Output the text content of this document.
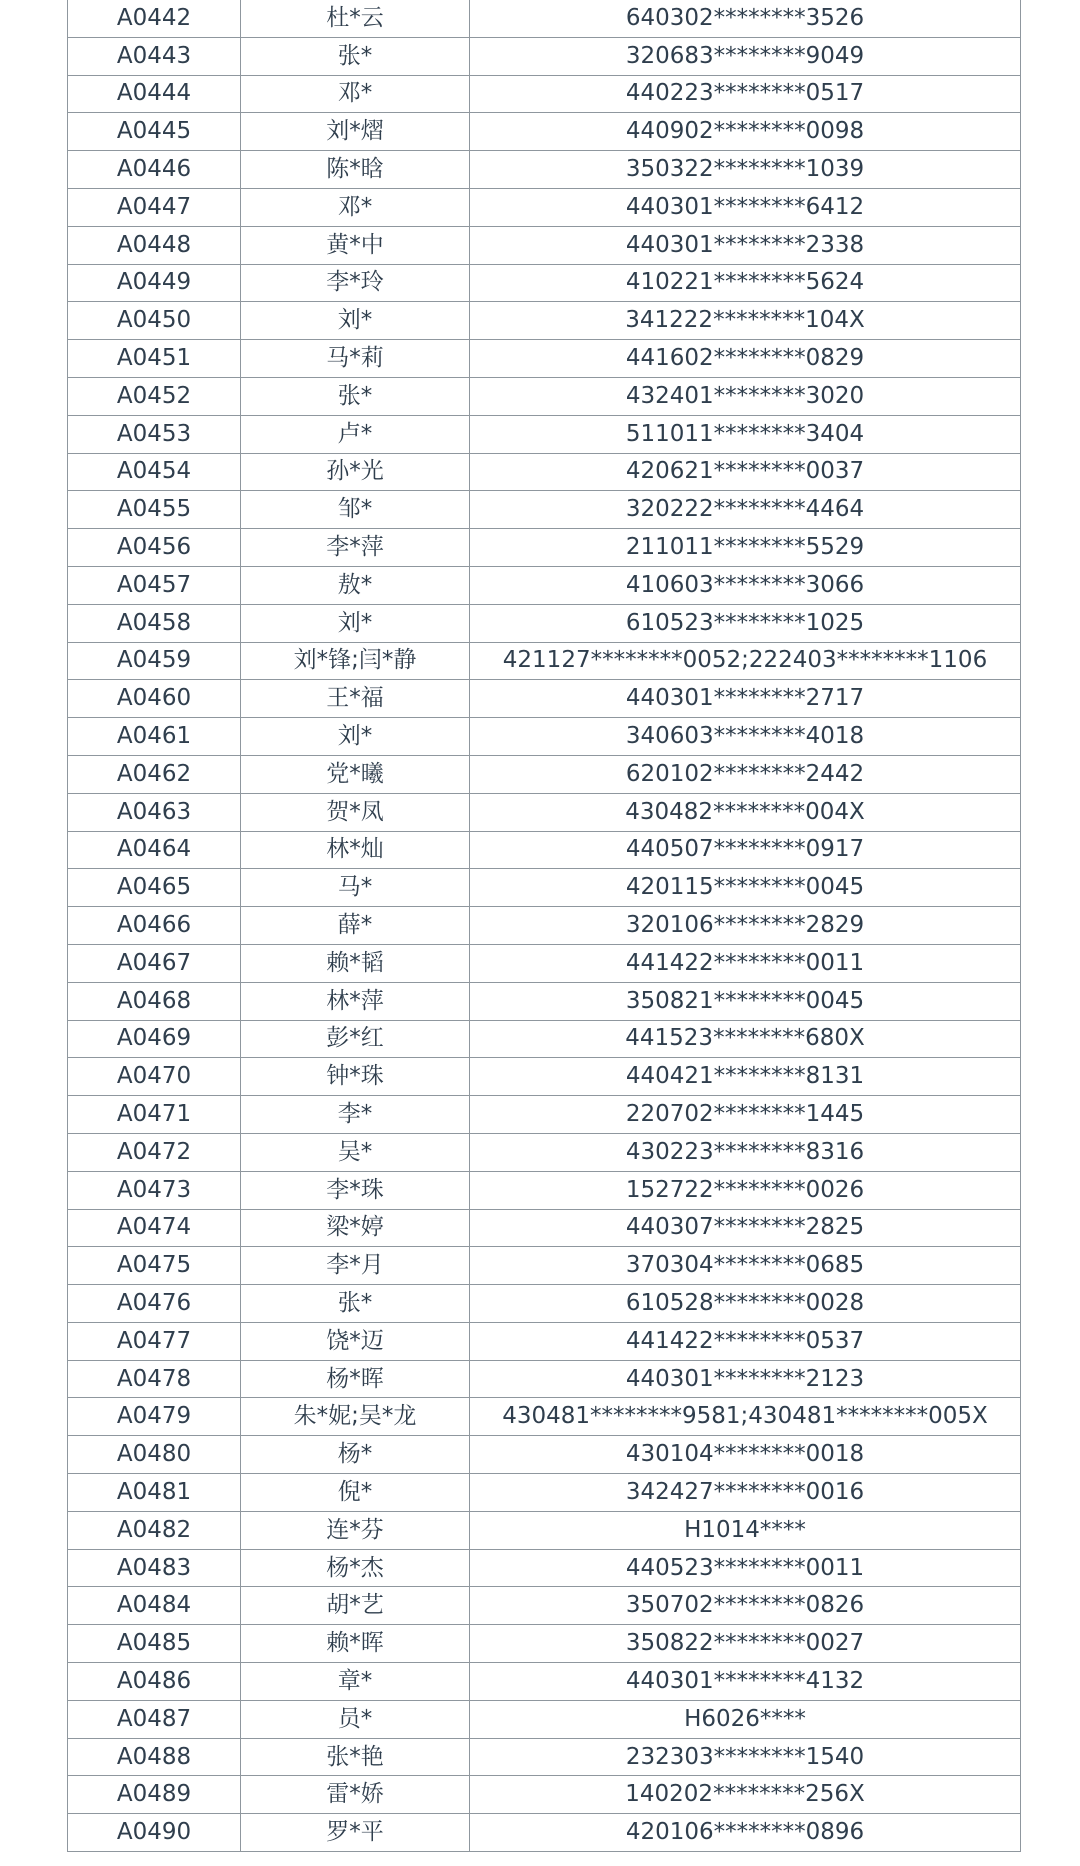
A0442	杜*云	640302********3526
A0443	张*	320683********9049
A0444	邓*	440223********0517
A0445	刘*熠	440902********0098
A0446	陈*晗	350322********1039
A0447	邓*	440301********6412
A0448	黄*中	440301********2338
A0449	李*玲	410221********5624
A0450	刘*	341222********104X
A0451	马*莉	441602********0829
A0452	张*	432401********3020
A0453	卢*	511011********3404
A0454	孙*光	420621********0037
A0455	邹*	320222********4464
A0456	李*萍	211011********5529
A0457	敖*	410603********3066
A0458	刘*	610523********1025
A0459	刘*锋;闫*静	421127********0052;222403********1106
A0460	王*福	440301********2717
A0461	刘*	340603********4018
A0462	党*曦	620102********2442
A0463	贺*凤	430482********004X
A0464	林*灿	440507********0917
A0465	马*	420115********0045
A0466	薛*	320106********2829
A0467	赖*韬	441422********0011
A0468	林*萍	350821********0045
A0469	彭*红	441523********680X
A0470	钟*珠	440421********8131
A0471	李*	220702********1445
A0472	吴*	430223********8316
A0473	李*珠	152722********0026
A0474	梁*婷	440307********2825
A0475	李*月	370304********0685
A0476	张*	610528********0028
A0477	饶*迈	441422********0537
A0478	杨*晖	440301********2123
A0479	朱*妮;吴*龙	430481********9581;430481********005X
A0480	杨*	430104********0018
A0481	倪*	342427********0016
A0482	连*芬	H1014****
A0483	杨*杰	440523********0011
A0484	胡*艺	350702********0826
A0485	赖*晖	350822********0027
A0486	章*	440301********4132
A0487	员*	H6026****
A0488	张*艳	232303********1540
A0489	雷*娇	140202********256X
A0490	罗*平	420106********0896
